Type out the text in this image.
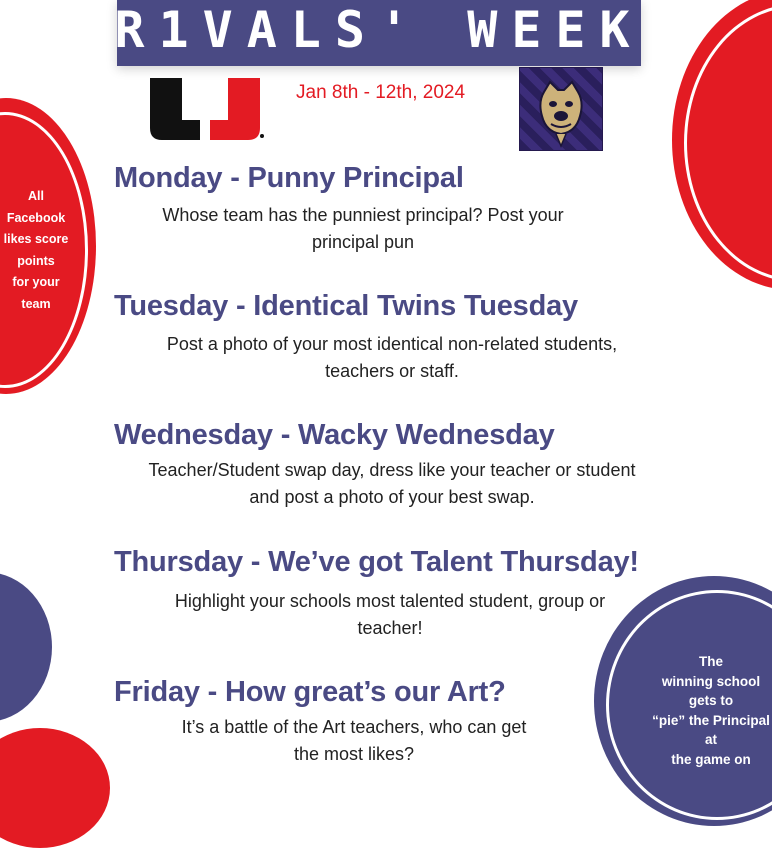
R1VALS' WEEK
Jan 8th - 12th, 2024
All
Facebook
likes score
points
for your
team
The
winning school
gets to
“pie” the Principal
at
the game on
Monday - Punny Principal
Whose team has the punniest principal? Post your
principal pun
Tuesday - Identical Twins Tuesday
Post a photo of your most identical non-related students,
teachers or staff.
Wednesday - Wacky Wednesday
Teacher/Student swap day, dress like your teacher or student
and post a photo of your best swap.
Thursday - We’ve got Talent Thursday!
Highlight your schools most talented student, group or
teacher!
Friday - How great’s our Art?
It’s a battle of the Art teachers, who can get
the most likes?
